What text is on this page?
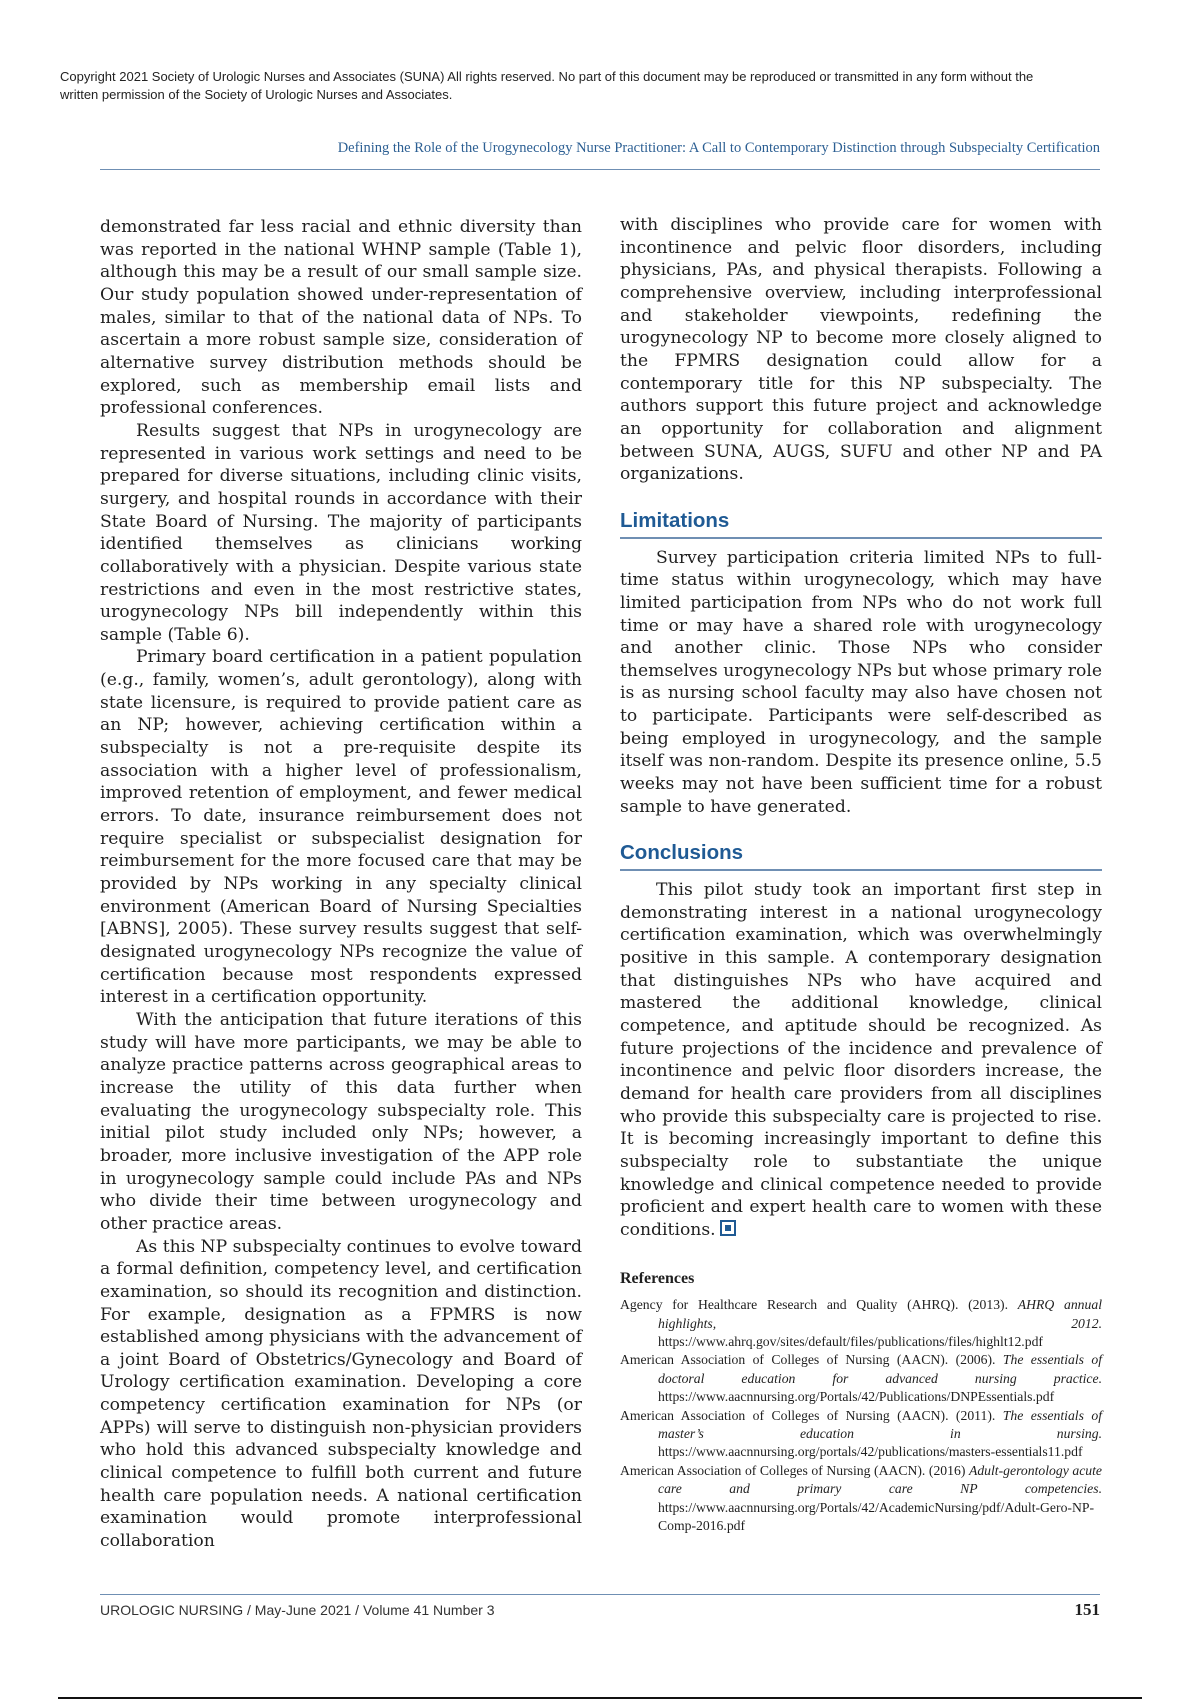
Copyright 2021 Society of Urologic Nurses and Associates (SUNA) All rights reserved. No part of this document may be reproduced or transmitted in any form without the written permission of the Society of Urologic Nurses and Associates.
Defining the Role of the Urogynecology Nurse Practitioner: A Call to Contemporary Distinction through Subspecialty Certification

demonstrated far less racial and ethnic diversity than was reported in the national WHNP sample (Table 1), although this may be a result of our small sample size. Our study population showed under-representation of males, similar to that of the national data of NPs. To ascertain a more robust sample size, consideration of alternative survey distribution methods should be explored, such as membership email lists and professional conferences.

Results suggest that NPs in urogynecology are represented in various work settings and need to be prepared for diverse situations, including clinic visits, surgery, and hospital rounds in accordance with their State Board of Nursing. The majority of participants identified themselves as clinicians working collaboratively with a physician. Despite various state restrictions and even in the most restrictive states, urogynecology NPs bill independently within this sample (Table 6).

Primary board certification in a patient population (e.g., family, women’s, adult gerontology), along with state licensure, is required to provide patient care as an NP; however, achieving certification within a subspecialty is not a pre-requisite despite its association with a higher level of professionalism, improved retention of employment, and fewer medical errors. To date, insurance reimbursement does not require specialist or subspecialist designation for reimbursement for the more focused care that may be provided by NPs working in any specialty clinical environment (American Board of Nursing Specialties [ABNS], 2005). These survey results suggest that self-designated urogynecology NPs recognize the value of certification because most respondents expressed interest in a certification opportunity.

With the anticipation that future iterations of this study will have more participants, we may be able to analyze practice patterns across geographical areas to increase the utility of this data further when evaluating the urogynecology subspecialty role. This initial pilot study included only NPs; however, a broader, more inclusive investigation of the APP role in urogynecology sample could include PAs and NPs who divide their time between urogynecology and other practice areas.

As this NP subspecialty continues to evolve toward a formal definition, competency level, and certification examination, so should its recognition and distinction. For example, designation as a FPMRS is now established among physicians with the advancement of a joint Board of Obstetrics/Gynecology and Board of Urology certification examination. Developing a core competency certification examination for NPs (or APPs) will serve to distinguish non-physician providers who hold this advanced subspecialty knowledge and clinical competence to fulfill both current and future health care population needs. A national certification examination would promote interprofessional collaboration

with disciplines who provide care for women with incontinence and pelvic floor disorders, including physicians, PAs, and physical therapists. Following a comprehensive overview, including interprofessional and stakeholder viewpoints, redefining the urogynecology NP to become more closely aligned to the FPMRS designation could allow for a contemporary title for this NP subspecialty. The authors support this future project and acknowledge an opportunity for collaboration and alignment between SUNA, AUGS, SUFU and other NP and PA organizations.

Limitations

Survey participation criteria limited NPs to full-time status within urogynecology, which may have limited participation from NPs who do not work full time or may have a shared role with urogynecology and another clinic. Those NPs who consider themselves urogynecology NPs but whose primary role is as nursing school faculty may also have chosen not to participate. Participants were self-described as being employed in urogynecology, and the sample itself was non-random. Despite its presence online, 5.5 weeks may not have been sufficient time for a robust sample to have generated.

Conclusions

This pilot study took an important first step in demonstrating interest in a national urogynecology certification examination, which was overwhelmingly positive in this sample. A contemporary designation that distinguishes NPs who have acquired and mastered the additional knowledge, clinical competence, and aptitude should be recognized. As future projections of the incidence and prevalence of incontinence and pelvic floor disorders increase, the demand for health care providers from all disciplines who provide this subspecialty care is projected to rise. It is becoming increasingly important to define this subspecialty role to substantiate the unique knowledge and clinical competence needed to provide proficient and expert health care to women with these conditions.

References

Agency for Healthcare Research and Quality (AHRQ). (2013). AHRQ annual highlights, 2012. https://www.ahrq.gov/sites/default/files/publications/files/highlt12.pdf

American Association of Colleges of Nursing (AACN). (2006). The essentials of doctoral education for advanced nursing practice. https://www.aacnnursing.org/Portals/42/Publications/DNPEssentials.pdf

American Association of Colleges of Nursing (AACN). (2011). The essentials of master’s education in nursing. https://www.aacnnursing.org/portals/42/publications/masters-essentials11.pdf

American Association of Colleges of Nursing (AACN). (2016) Adult-gerontology acute care and primary care NP competencies. https://www.aacnnursing.org/Portals/42/AcademicNursing/pdf/Adult-Gero-NP-Comp-2016.pdf

UROLOGIC NURSING / May-June 2021 / Volume 41 Number 3	151
